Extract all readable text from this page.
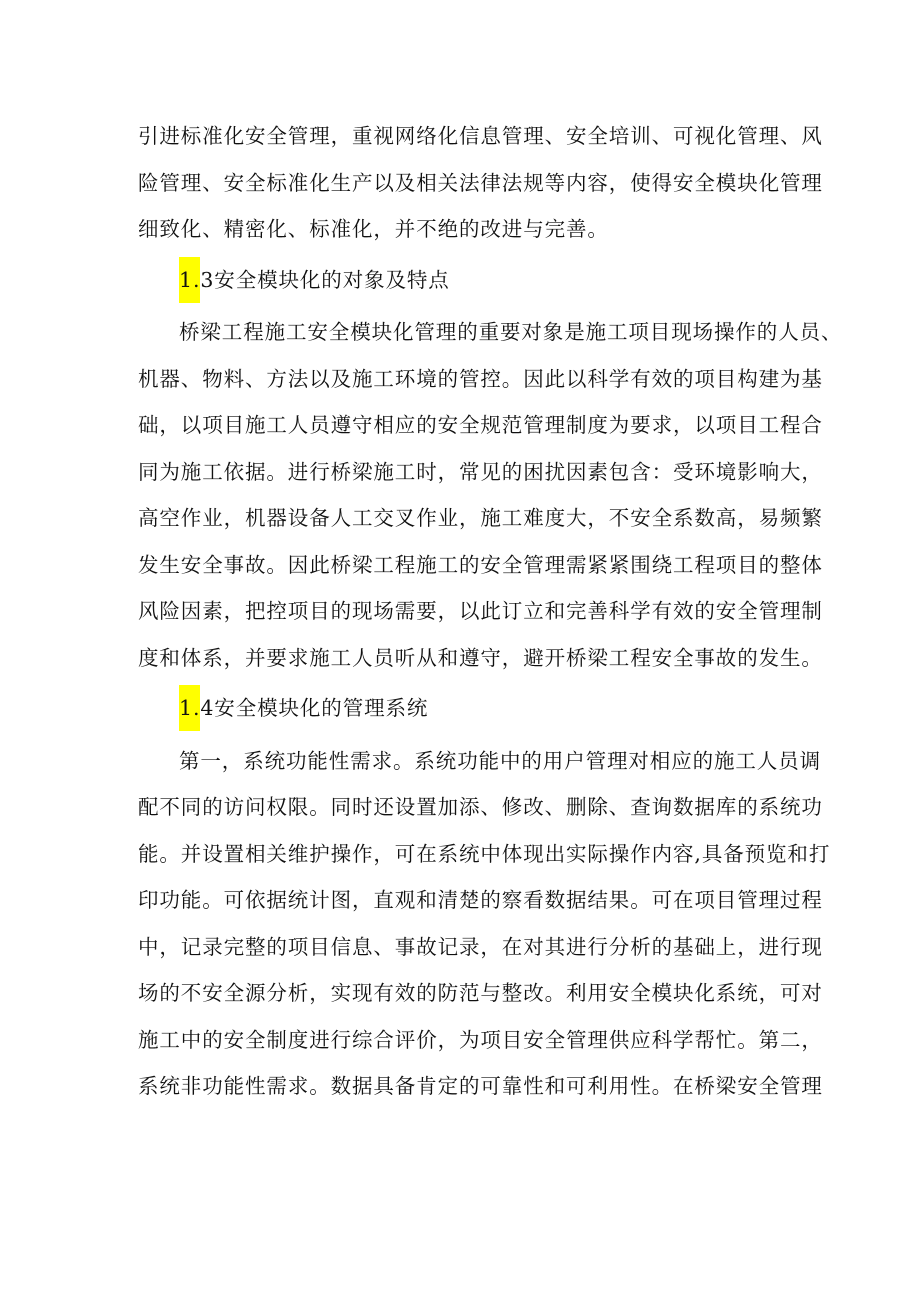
引进标准化安全管理，重视网络化信息管理、安全培训、可视化管理、风
险管理、安全标准化生产以及相关法律法规等内容，使得安全模块化管理
细致化、精密化、标准化，并不绝的改进与完善。
1.3安全模块化的对象及特点
桥梁工程施工安全模块化管理的重要对象是施工项目现场操作的人员、
机器、物料、方法以及施工环境的管控。因此以科学有效的项目构建为基
础，以项目施工人员遵守相应的安全规范管理制度为要求，以项目工程合
同为施工依据。进行桥梁施工时，常见的困扰因素包含：受环境影响大，
高空作业，机器设备人工交叉作业，施工难度大，不安全系数高，易频繁
发生安全事故。因此桥梁工程施工的安全管理需紧紧围绕工程项目的整体
风险因素，把控项目的现场需要，以此订立和完善科学有效的安全管理制
度和体系，并要求施工人员听从和遵守，避开桥梁工程安全事故的发生。
1.4安全模块化的管理系统
第一，系统功能性需求。系统功能中的用户管理对相应的施工人员调
配不同的访问权限。同时还设置加添、修改、删除、查询数据库的系统功
能。并设置相关维护操作，可在系统中体现出实际操作内容,具备预览和打
印功能。可依据统计图，直观和清楚的察看数据结果。可在项目管理过程
中，记录完整的项目信息、事故记录，在对其进行分析的基础上，进行现
场的不安全源分析，实现有效的防范与整改。利用安全模块化系统，可对
施工中的安全制度进行综合评价，为项目安全管理供应科学帮忙。第二，
系统非功能性需求。数据具备肯定的可靠性和可利用性。在桥梁安全管理
